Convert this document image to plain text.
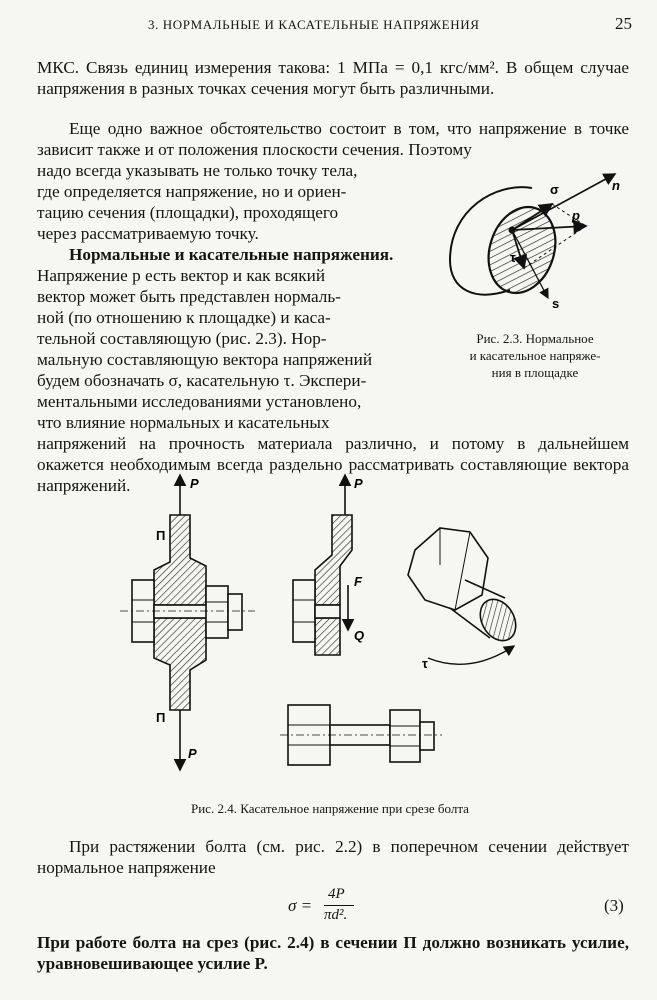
3. НОРМАЛЬНЫЕ И КАСАТЕЛЬНЫЕ НАПРЯЖЕНИЯ	25

МКС. Связь единиц измерения такова: 1 МПа = 0,1 кгс/мм². В общем случае напряжения в разных точках сечения могут быть различными.

Еще одно важное обстоятельство состоит в том, что напряжение в точке зависит также и от положения плоскости сечения. Поэтому

надо всегда указывать не только точку тела,
где определяется напряжение, но и ориен-
тацию сечения (площадки), проходящего
через рассматриваемую точку.
Нормальные и касательные напряжения.
Напряжение p есть вектор и как всякий
вектор может быть представлен нормаль-
ной (по отношению к площадке) и каса-
тельной составляющую (рис. 2.3). Нор-
мальную составляющую вектора напряжений
будем обозначать σ, касательную τ. Экспери-
ментальными исследованиями установлено,
что влияние нормальных и касательных

напряжений на прочность материала различно, и потому в дальнейшем окажется необходимым всегда раздельно рассматривать составляющие вектора напряжений.

n
σ
p
τ
s
Рис. 2.3. Нормальное
и касательное напряже-
ния в площадке
P
П
П
P
P
F
Q
τ
Рис. 2.4. Касательное напряжение при срезе болта

При растяжении болта (см. рис. 2.2) в поперечном сечении действует нормальное напряжение

σ =
4P
πd².	(3)

При работе болта на срез (рис. 2.4) в сечении П должно возникать усилие, уравновешивающее усилие P.
